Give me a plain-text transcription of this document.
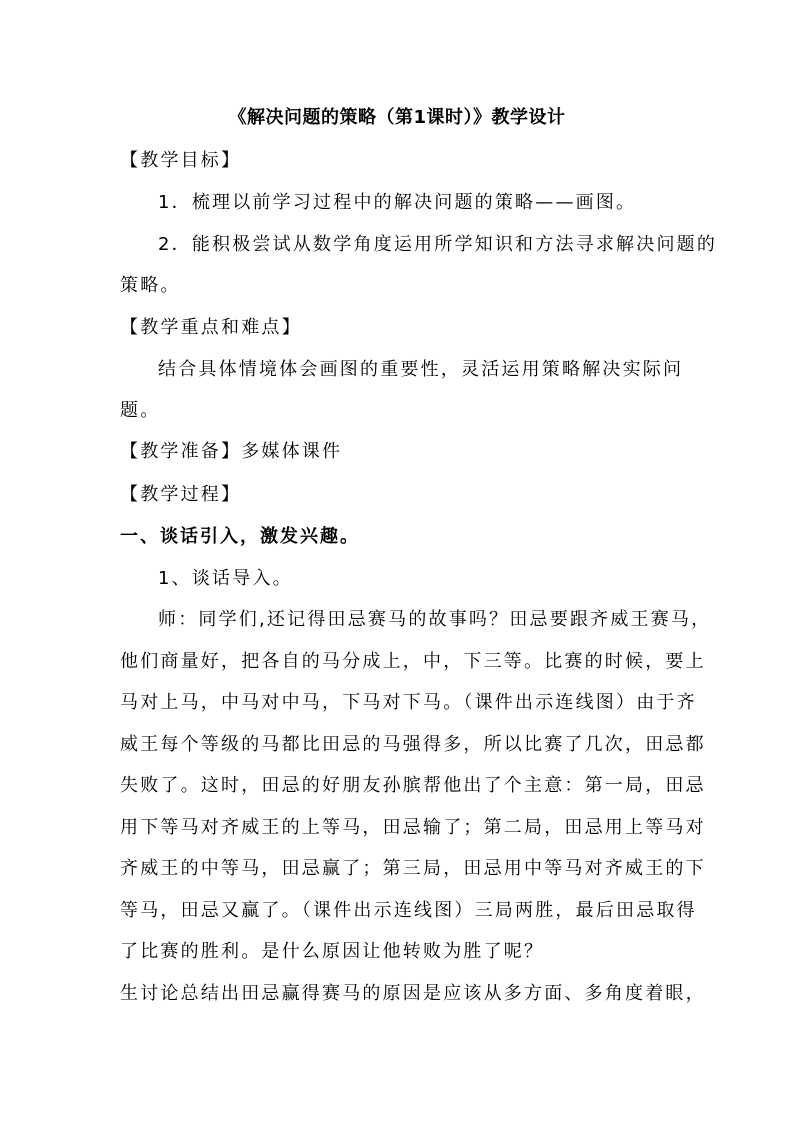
《解决问题的策略（第1课时）》教学设计
【教学目标】
1．梳理以前学习过程中的解决问题的策略——画图。
2．能积极尝试从数学角度运用所学知识和方法寻求解决问题的
策略。
【教学重点和难点】
结合具体情境体会画图的重要性，灵活运用策略解决实际问
题。
【教学准备】多媒体课件
【教学过程】
一、谈话引入，激发兴趣。
1、谈话导入。
师：同学们,还记得田忌赛马的故事吗？田忌要跟齐威王赛马，
他们商量好，把各自的马分成上，中，下三等。比赛的时候，要上
马对上马，中马对中马，下马对下马。（课件出示连线图）由于齐
威王每个等级的马都比田忌的马强得多，所以比赛了几次，田忌都
失败了。这时，田忌的好朋友孙膑帮他出了个主意：第一局，田忌
用下等马对齐威王的上等马，田忌输了；第二局，田忌用上等马对
齐威王的中等马，田忌赢了；第三局，田忌用中等马对齐威王的下
等马，田忌又赢了。（课件出示连线图）三局两胜，最后田忌取得
了比赛的胜利。是什么原因让他转败为胜了呢？
生讨论总结出田忌赢得赛马的原因是应该从多方面、多角度着眼，
